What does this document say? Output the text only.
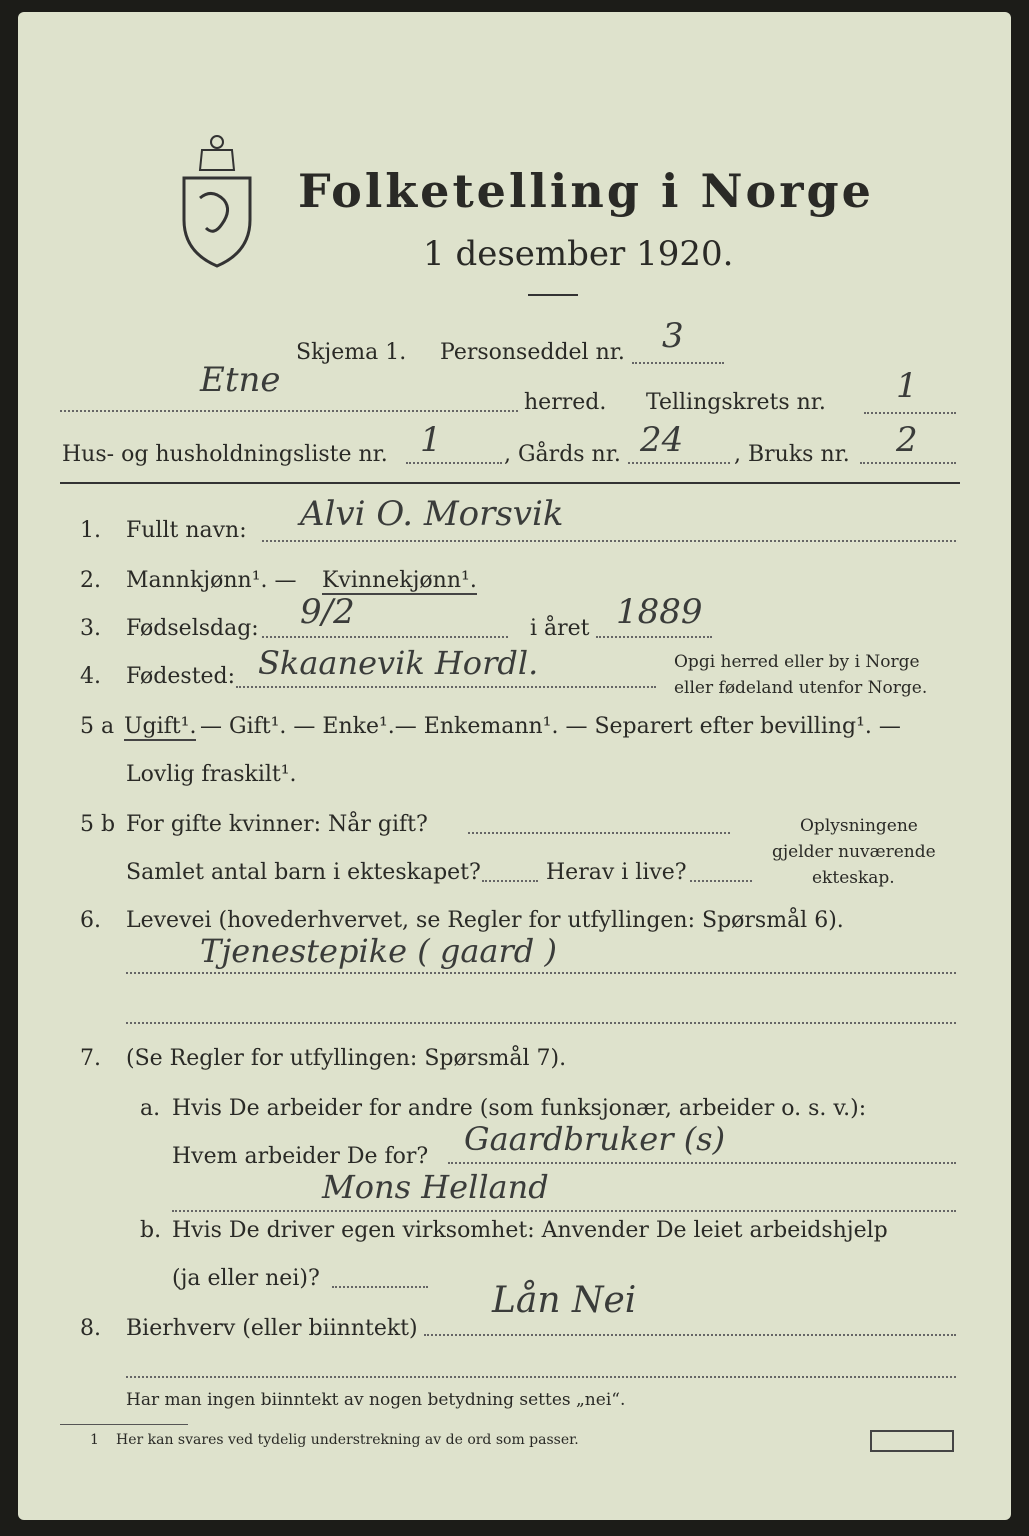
Folketelling i Norge
1 desember 1920.
Skjema 1. Personseddel nr. 3
Etne
herred. Tellingskrets nr. 1
Hus- og husholdningsliste nr. 1	, Gårds nr. 24 , Bruks nr. 2
1. Fullt navn: Alvi O. Morsvik
2. Mannkjønn¹. — Kvinnekjønn¹.
3. Fødselsdag: 9/2	i året 1889
4. Fødested: Skaanevik Hordl.	Opgi herred eller by i Norge
eller fødeland utenfor Norge.
5 a Ugift¹. — Gift¹. — Enke¹.— Enkemann¹. — Separert efter bevilling¹. —
Lovlig fraskilt¹.
5 b For gifte kvinner: Når gift?
Samlet antal barn i ekteskapet?	Herav i live?
Oplysningene
gjelder nuværende
ekteskap.
6. Levevei (hovederhvervet, se Regler for utfyllingen: Spørsmål 6).
Tjenestepike ( gaard )
7. (Se Regler for utfyllingen: Spørsmål 7).
a. Hvis De arbeider for andre (som funksjonær, arbeider o. s. v.):
Hvem arbeider De for? Gaardbruker (s)
Mons Helland
b. Hvis De driver egen virksomhet: Anvender De leiet arbeidshjelp
(ja eller nei)?
8. Bierhverv (eller biinntekt)
Lån Nei
Har man ingen biinntekt av nogen betydning settes „nei“.
1 Her kan svares ved tydelig understrekning av de ord som passer.
